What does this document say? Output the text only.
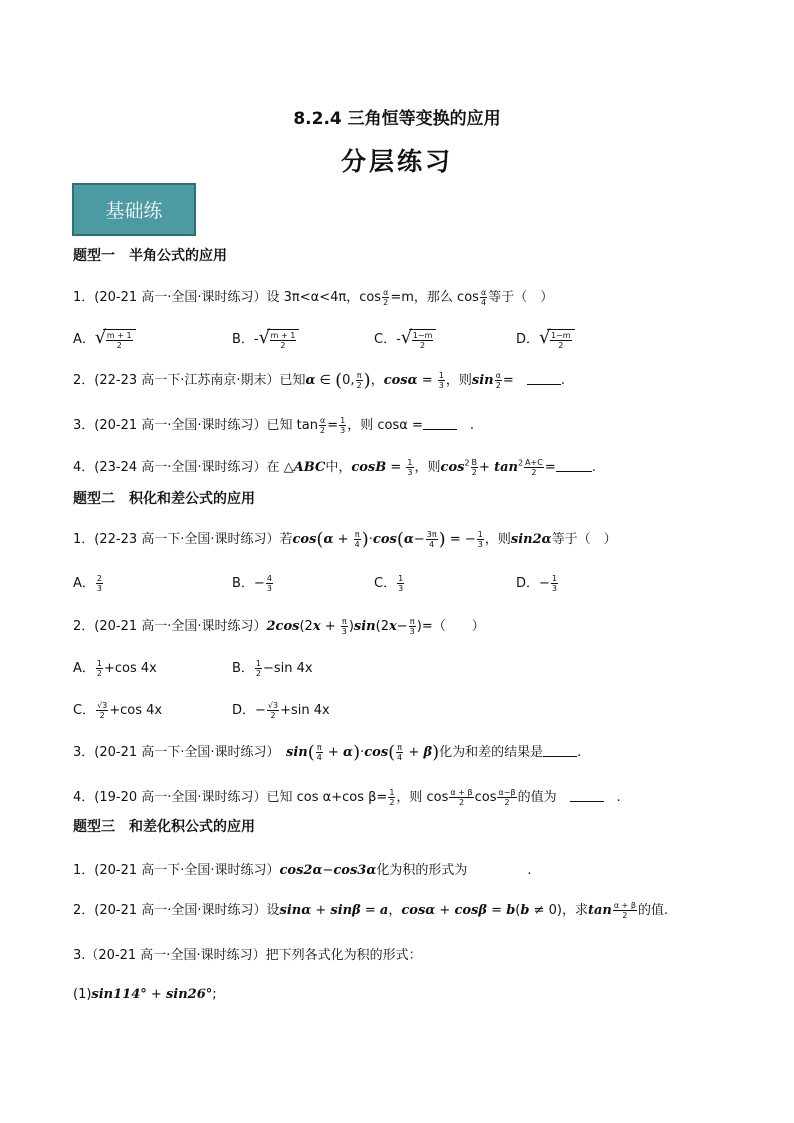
8.2.4 三角恒等变换的应用
分层练习
基础练
题型一　半角公式的应用
1．(20-21 高一·全国·课时练习）设 3π<α<4π，$\cos \frac{\alpha}{2} =m$，那么 $\cos \frac{\alpha}{4}$ 等于（　）
A． √ $\frac{m + 1}{2}$	B．- √ $\frac{m + 1}{2}$	C．- √ $\frac{1-m}{2}$	D． √ $\frac{1-m}{2}$
2．(22-23 高一下·江苏南京·期末）已知α ∈ (0, $\frac{\pi}{2}$ )，$\cos\alpha = \frac{1}{3}$ ，则$\sin \frac{\alpha}{2}$ =　	.
3．(20-21 高一·全国·课时练习）已知 $\tan \frac{\alpha}{2} = \frac{1}{3}$ ，则 cosα =　	.
4．(23-24 高一·全国·课时练习）在 △ABC中，$\cos B = \frac{1}{3}$ ，则$\cos^2 \frac{B}{2} + \tan^2 \frac{A+C}{2}$ =	.
题型二　积化和差公式的应用
1．(22-23 高一下·全国·课时练习）若$\cos(\alpha + \frac{\pi}{4} )\cdot\cos(\alpha- \frac{3\pi}{4}$ ) = − $\frac{1}{3}$ ，则sin2α等于（　）
A． $\frac{2}{3}$	B．− $\frac{4}{3}$	C． $\frac{1}{3}$	D．− $\frac{1}{3}$
2．(20-21 高一·全国·课时练习）$2\cos(2x + \frac{\pi}{3} )\sin(2x- \frac{\pi}{3}$ )=（　　）
A． $\frac{1}{2} +\cos$ 4x	B． $\frac{1}{2} -\sin$ 4x
C． $\frac{√3}{2} +\cos$ 4x	D．− $\frac{√3}{2} +\sin$ 4x
3．(20-21 高一下·全国·课时练习）　 $\sin( \frac{\pi}{4} + \alpha)\cdot\cos( \frac{\pi}{4} + \beta)$化为和差的结果是	.
4．(19-20 高一·全国·课时练习）已知 cos α+cos $\beta= \frac{1}{2}$ ，则 $\cos \frac{\alpha + \beta}{2}$ $\cos \frac{\alpha-\beta}{2}$ 的值为　　	.
题型三　和差化积公式的应用
1．(20-21 高一下·全国·课时练习）cos2α−cos3α化为积的形式为	.
2．(20-21 高一·全国·课时练习）设sinα + sinβ = a，cosα + cosβ = b(b ≠ 0)，求$\tan \frac{\alpha + \beta}{2}$ 的值.
3.（20-21 高一·全国·课时练习）把下列各式化为积的形式：
(1)sin114° + sin26°;
